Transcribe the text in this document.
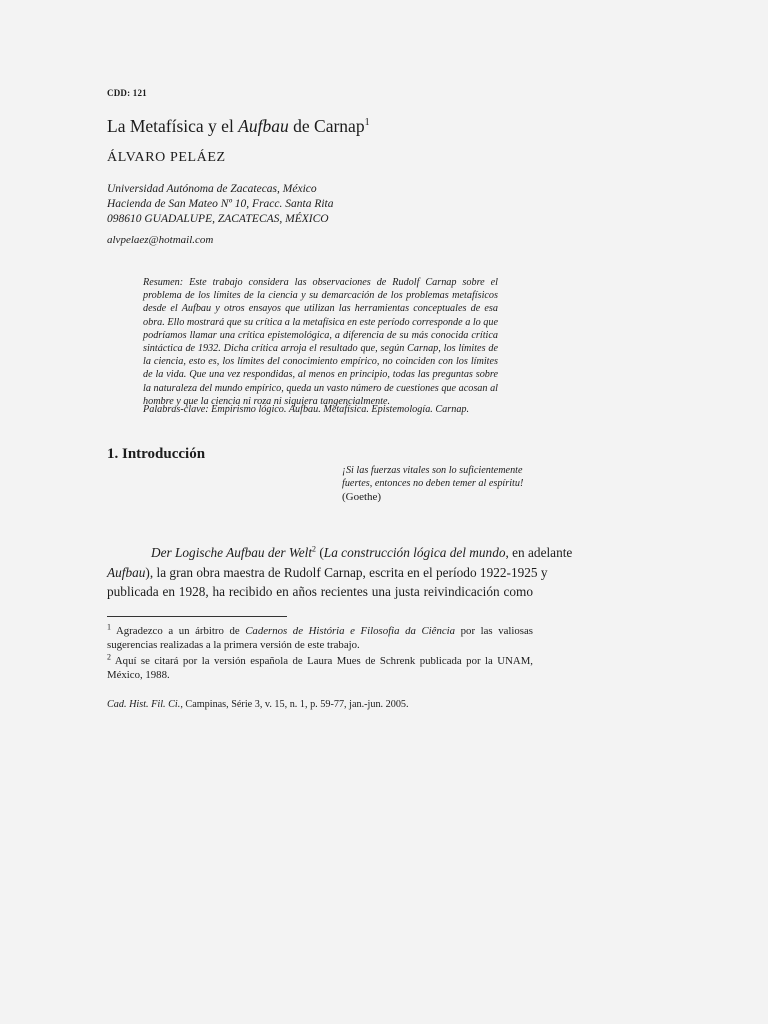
CDD: 121
La Metafísica y el Aufbau de Carnap$^1$
ÁLVARO PELÁEZ
Universidad Autónoma de Zacatecas, México
Hacienda de San Mateo Nº 10, Fracc. Santa Rita
098610 GUADALUPE, ZACATECAS, MÉXICO
alvpelaez@hotmail.com
Resumen: Este trabajo considera las observaciones de Rudolf Carnap sobre el problema de los límites de la ciencia y su demarcación de los problemas metafísicos desde el Aufbau y otros ensayos que utilizan las herramientas conceptuales de esa obra. Ello mostrará que su crítica a la metafísica en este período corresponde a lo que podríamos llamar una crítica epistemológica, a diferencia de su más conocida crítica sintáctica de 1932. Dicha crítica arroja el resultado que, según Carnap, los límites de la ciencia, esto es, los límites del conocimiento empírico, no coinciden con los límites de la vida. Que una vez respondidas, al menos en principio, todas las preguntas sobre la naturaleza del mundo empírico, queda un vasto número de cuestiones que acosan al hombre y que la ciencia ni roza ni siquiera tangencialmente.
Palabras-clave: Empirismo lógico. Aufbau. Metafísica. Epistemología. Carnap.
1. Introducción
¡Si las fuerzas vitales son lo suficientemente
fuertes, entonces no deben temer al espíritu!
(Goethe)
Der Logische Aufbau der Welt$^2$ (La construcción lógica del mundo, en adelante
Aufbau), la gran obra maestra de Rudolf Carnap, escrita en el período 1922-1925 y
publicada en 1928, ha recibido en años recientes una justa reivindicación como
$^1$ Agradezco a un árbitro de Cadernos de História e Filosofia da Ciência por las valiosas sugerencias realizadas a la primera versión de este trabajo.
$^2$ Aquí se citará por la versión española de Laura Mues de Schrenk publicada por la UNAM, México, 1988.
Cad. Hist. Fil. Ci., Campinas, Série 3, v. 15, n. 1, p. 59-77, jan.-jun. 2005.
